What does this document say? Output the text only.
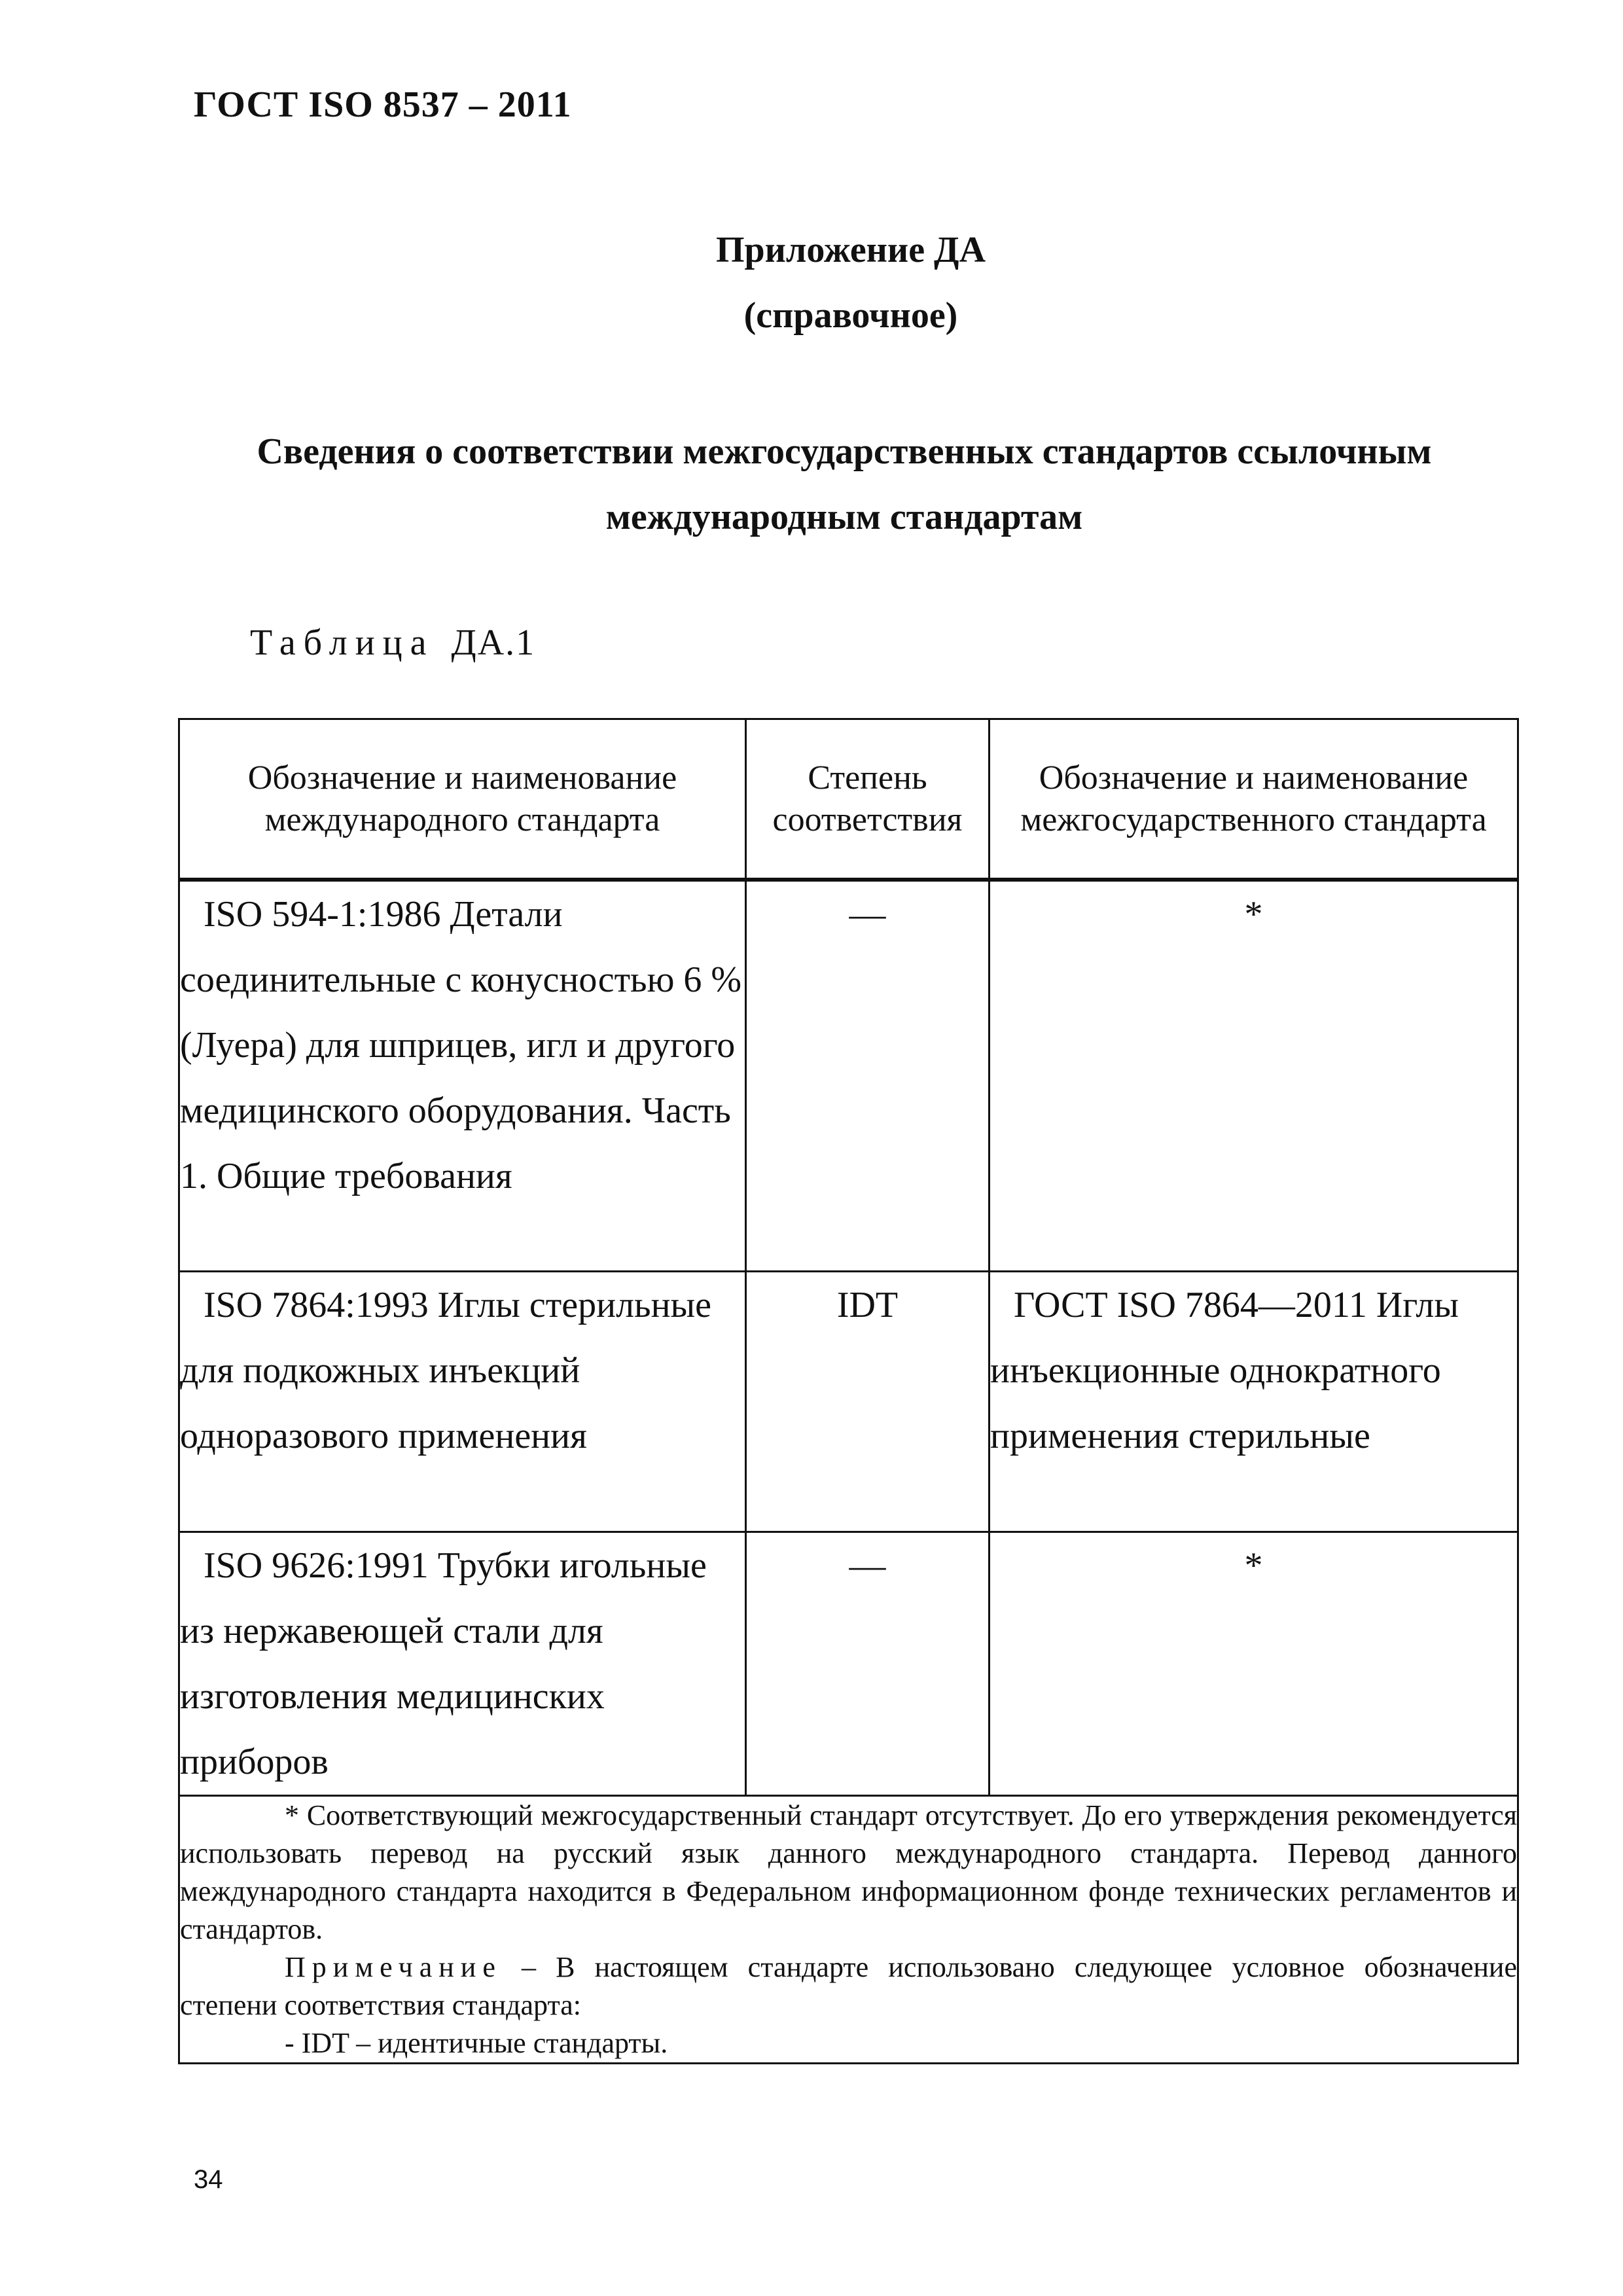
ГОСТ ISO 8537 – 2011
Приложение ДА
(справочное)
Сведения о соответствии межгосударственных стандартов ссылочным
международным стандартам
Таблица ДА.1
Обозначение и наименование международного стандарта	Степень соответствия	Обозначение и наименование межгосударственного стандарта
ISO 594-1:1986 Детали соединительные с конусностью 6 % (Луера) для шприцев, игл и другого медицинского оборудования. Часть 1. Общие требования	—	*
ISO 7864:1993 Иглы стерильные для подкожных инъекций одноразового применения	IDT	ГОСТ ISO 7864—2011 Иглы инъекционные однократного применения стерильные
ISO 9626:1991 Трубки игольные из нержавеющей стали для изготовления медицинских приборов	—	*

* Соответствующий межгосударственный стандарт отсутствует. До его утверждения рекомендуется использовать перевод на русский язык данного международного стандарта. Перевод данного международного стандарта находится в Федеральном информационном фонде технических регламентов и стандартов.

Примечание – В настоящем стандарте использовано следующее условное обозначение степени соответствия стандарта:

- IDT – идентичные стандарты.		

34
